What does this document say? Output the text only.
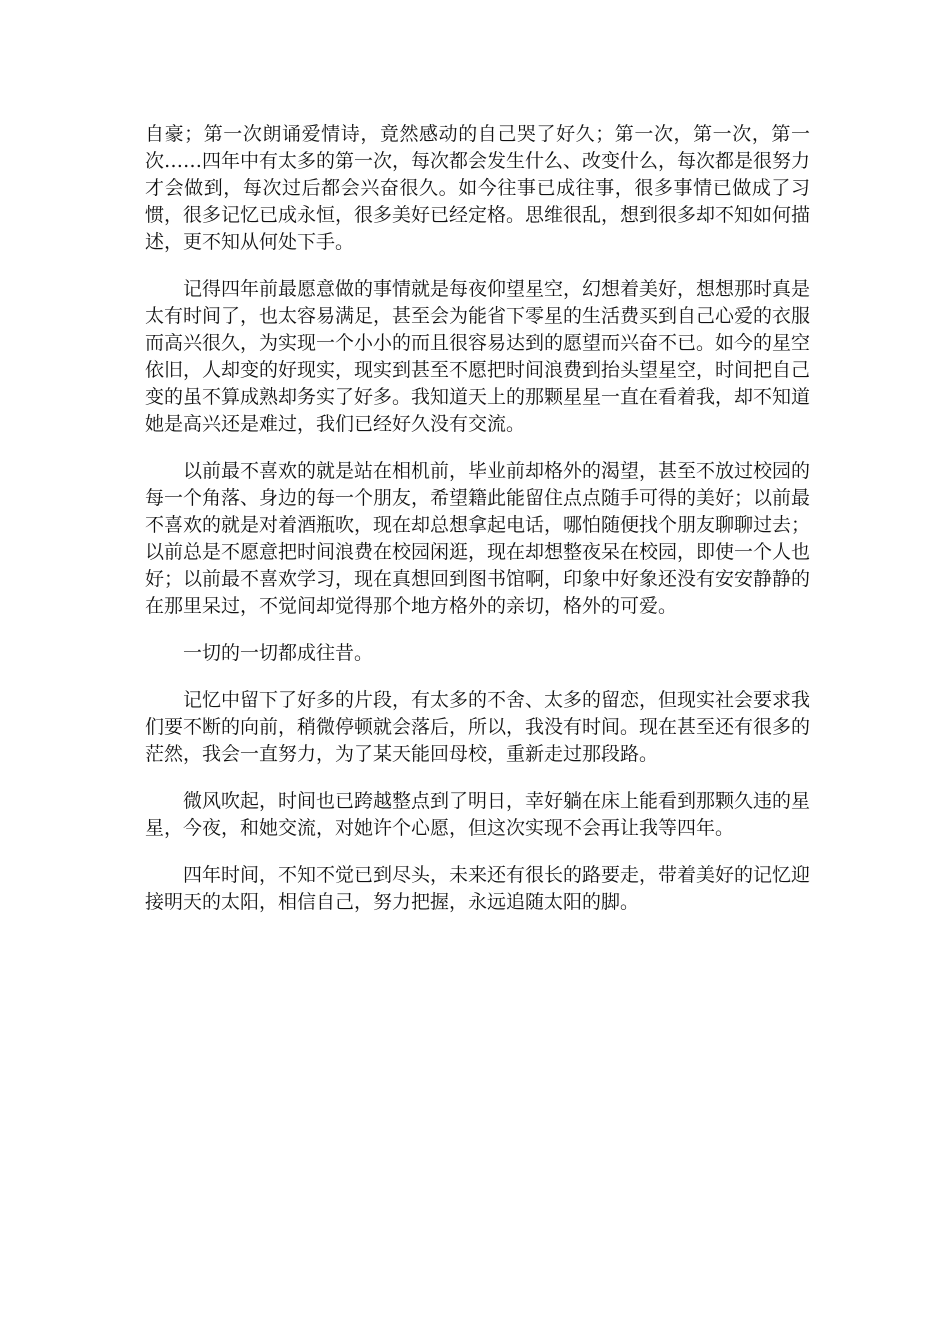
自豪；第一次朗诵爱情诗，竟然感动的自己哭了好久；第一次，第一次，第一次……四年中有太多的第一次，每次都会发生什么、改变什么，每次都是很努力才会做到，每次过后都会兴奋很久。如今往事已成往事，很多事情已做成了习惯，很多记忆已成永恒，很多美好已经定格。思维很乱，想到很多却不知如何描述，更不知从何处下手。

记得四年前最愿意做的事情就是每夜仰望星空，幻想着美好，想想那时真是太有时间了，也太容易满足，甚至会为能省下零星的生活费买到自己心爱的衣服而高兴很久，为实现一个小小的而且很容易达到的愿望而兴奋不已。如今的星空依旧，人却变的好现实，现实到甚至不愿把时间浪费到抬头望星空，时间把自己变的虽不算成熟却务实了好多。我知道天上的那颗星星一直在看着我，却不知道她是高兴还是难过，我们已经好久没有交流。

以前最不喜欢的就是站在相机前，毕业前却格外的渴望，甚至不放过校园的每一个角落、身边的每一个朋友，希望籍此能留住点点随手可得的美好；以前最不喜欢的就是对着酒瓶吹，现在却总想拿起电话，哪怕随便找个朋友聊聊过去；以前总是不愿意把时间浪费在校园闲逛，现在却想整夜呆在校园，即使一个人也好；以前最不喜欢学习，现在真想回到图书馆啊，印象中好象还没有安安静静的在那里呆过，不觉间却觉得那个地方格外的亲切，格外的可爱。

一切的一切都成往昔。

记忆中留下了好多的片段，有太多的不舍、太多的留恋，但现实社会要求我们要不断的向前，稍微停顿就会落后，所以，我没有时间。现在甚至还有很多的茫然，我会一直努力，为了某天能回母校，重新走过那段路。

微风吹起，时间也已跨越整点到了明日，幸好躺在床上能看到那颗久违的星星，今夜，和她交流，对她许个心愿，但这次实现不会再让我等四年。

四年时间，不知不觉已到尽头，未来还有很长的路要走，带着美好的记忆迎接明天的太阳，相信自己，努力把握，永远追随太阳的脚。
